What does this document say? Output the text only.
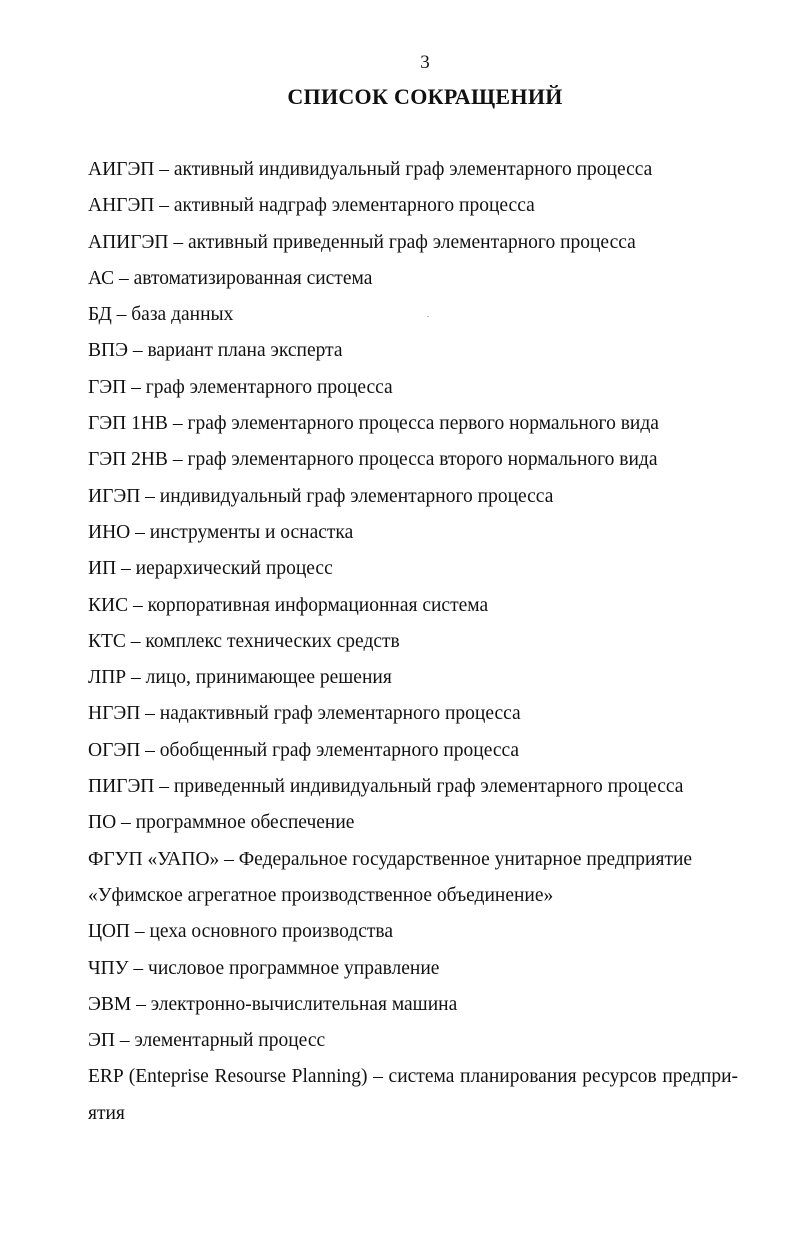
3
СПИСОК СОКРАЩЕНИЙ
АИГЭП – активный индивидуальный граф элементарного процесса
АНГЭП – активный надграф элементарного процесса
АПИГЭП – активный приведенный граф элементарного процесса
АС – автоматизированная система
БД – база данных
ВПЭ – вариант плана эксперта
ГЭП – граф элементарного процесса
ГЭП 1НВ – граф элементарного процесса первого нормального вида
ГЭП 2НВ – граф элементарного процесса второго нормального вида
ИГЭП – индивидуальный граф элементарного процесса
ИНО – инструменты и оснастка
ИП – иерархический процесс
КИС – корпоративная информационная система
КТС – комплекс технических средств
ЛПР – лицо, принимающее решения
НГЭП – надактивный граф элементарного процесса
ОГЭП – обобщенный граф элементарного процесса
ПИГЭП – приведенный индивидуальный граф элементарного процесса
ПО – программное обеспечение
ФГУП «УАПО» – Федеральное государственное унитарное предприятие
«Уфимское агрегатное производственное объединение»
ЦОП – цеха основного производства
ЧПУ – числовое программное управление
ЭВМ – электронно-вычислительная машина
ЭП – элементарный процесс
ERP (Enteprise Resourse Planning) – система планирования ресурсов предпри-
ятия
